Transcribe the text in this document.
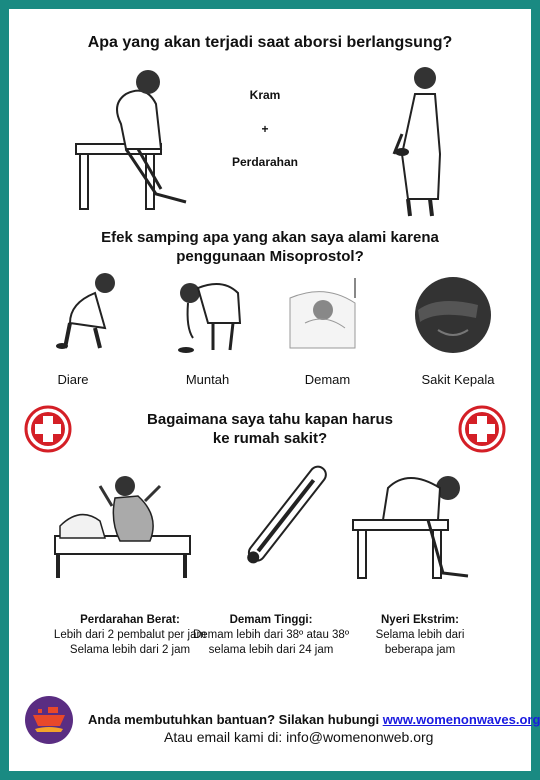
Apa yang akan terjadi saat aborsi berlangsung?
Kram
+
Perdarahan
Efek samping apa yang akan saya alami karena
penggunaan Misoprostol?
Diare	Muntah	Demam	Sakit Kepala
Bagaimana saya tahu kapan harus
ke rumah sakit?
Perdarahan Berat:
Lebih dari 2 pembalut per jam
Selama lebih dari 2 jam
Demam Tinggi:
Demam lebih dari 38º atau 38º
selama lebih dari 24 jam
Nyeri Ekstrim:
Selama lebih dari
beberapa jam
Anda membutuhkan bantuan? Silakan hubungi www.womenonwaves.org
Atau email kami di: info@womenonweb.org
